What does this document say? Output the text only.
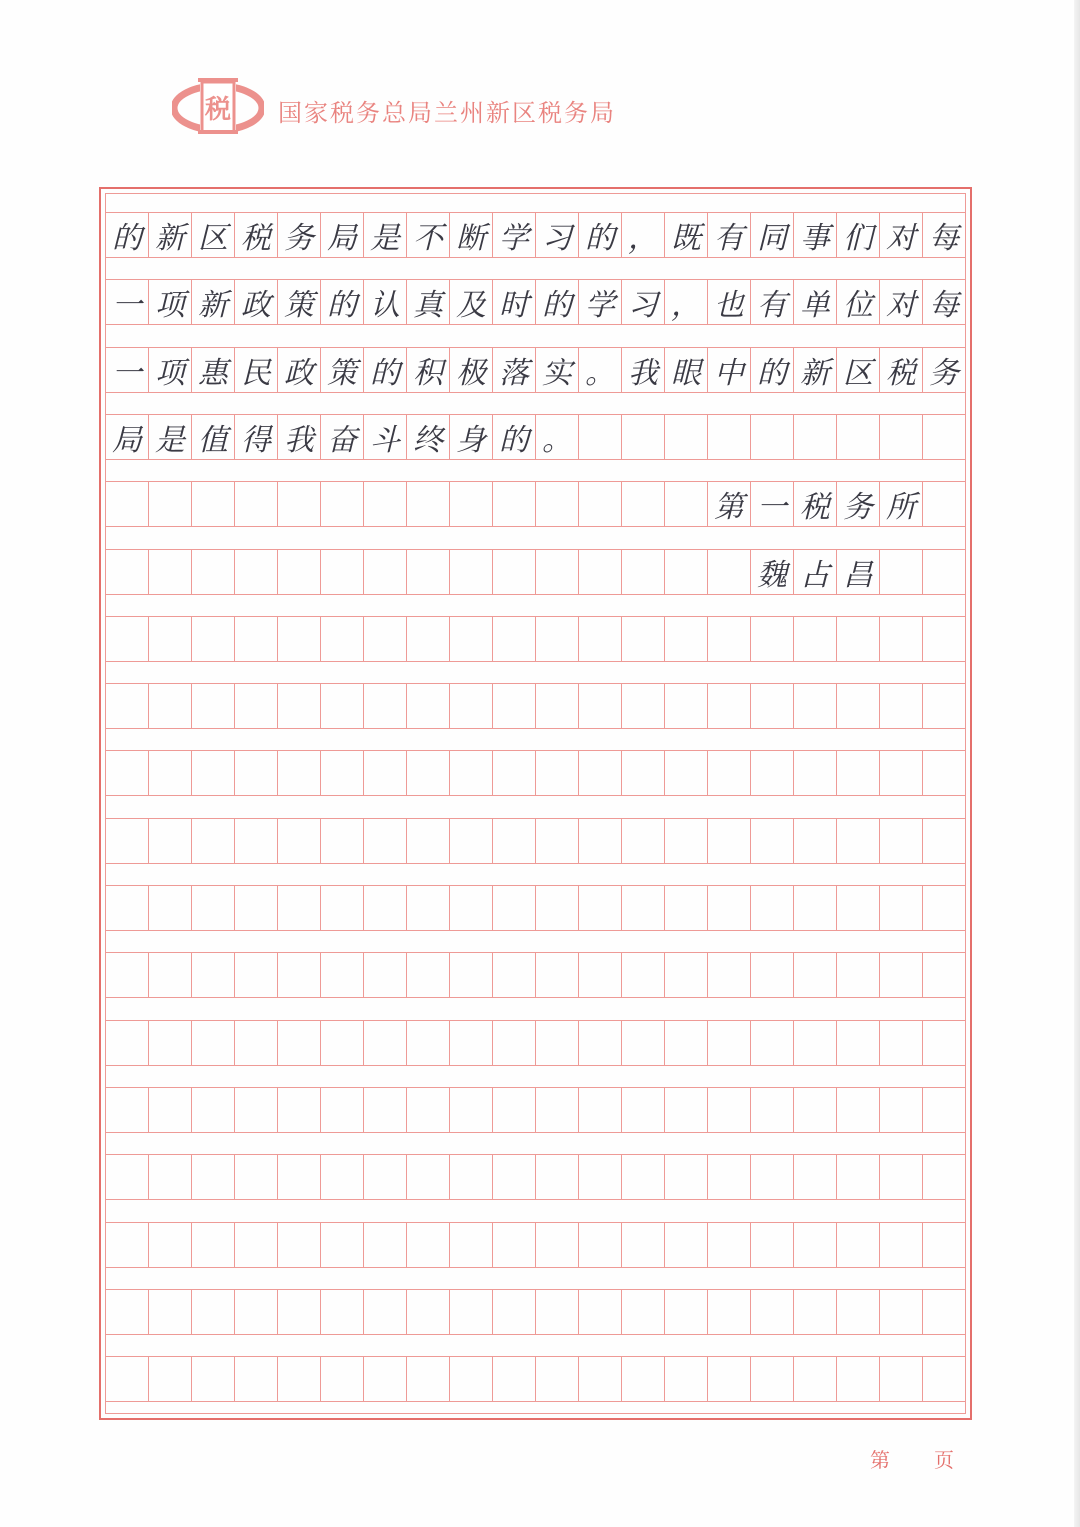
税 国家税务总局兰州新区税务局
的 新 区 税 务 局 是 不 断 学 习 的 ， 既 有 同 事 们 对 每
一 项 新 政 策 的 认 真 及 时 的 学 习 ， 也 有 单 位 对 每
一 项 惠 民 政 策 的 积 极 落 实 。 我 眼 中 的 新 区 税 务
局 是 值 得 我 奋 斗 终 身 的 。
第 一 税 务 所
魏 占 昌
第 页
